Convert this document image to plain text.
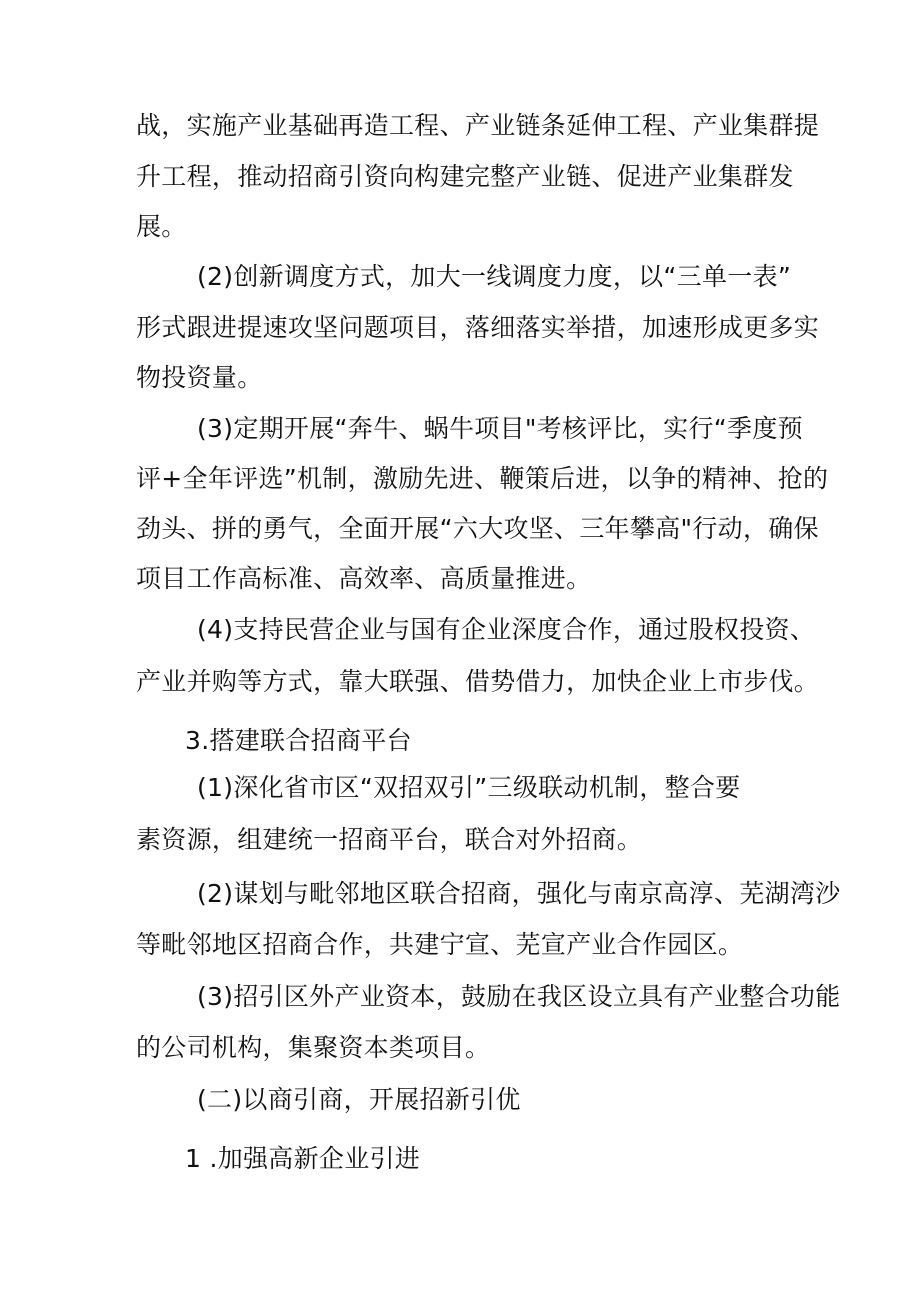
战，实施产业基础再造工程、产业链条延伸工程、产业集群提
升工程，推动招商引资向构建完整产业链、促进产业集群发
展。
(2)创新调度方式，加大一线调度力度，以“三单一表”
形式跟进提速攻坚问题项目，落细落实举措，加速形成更多实
物投资量。
(3)定期开展“奔牛、蜗牛项目"考核评比，实行“季度预
评+全年评选”机制，激励先进、鞭策后进，以争的精神、抢的
劲头、拼的勇气，全面开展“六大攻坚、三年攀高"行动，确保
项目工作高标准、高效率、高质量推进。
(4)支持民营企业与国有企业深度合作，通过股权投资、
产业并购等方式，靠大联强、借势借力，加快企业上市步伐。
3.搭建联合招商平台
(1)深化省市区“双招双引”三级联动机制，整合要
素资源，组建统一招商平台，联合对外招商。
(2)谋划与毗邻地区联合招商，强化与南京高淳、芜湖湾沙
等毗邻地区招商合作，共建宁宣、芜宣产业合作园区。
(3)招引区外产业资本，鼓励在我区设立具有产业整合功能
的公司机构，集聚资本类项目。
(二)以商引商，开展招新引优
1 .加强高新企业引进
